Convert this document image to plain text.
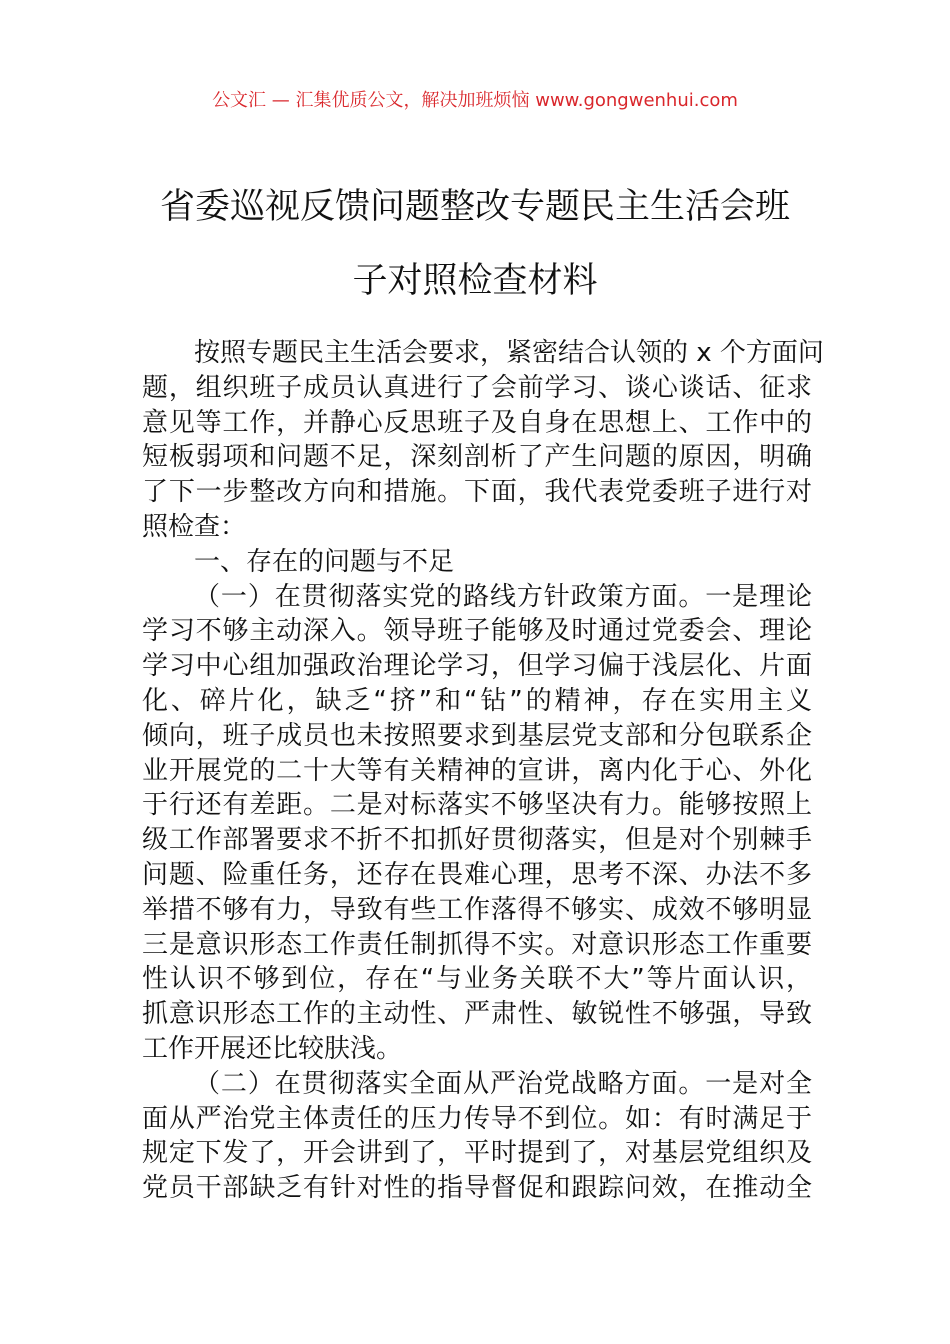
公文汇 — 汇集优质公文，解决加班烦恼 www.gongwenhui.com
省委巡视反馈问题整改专题民主生活会班
子对照检查材料
按照专题民主生活会要求，紧密结合认领的 x 个方面问
题，组织班子成员认真进行了会前学习、谈心谈话、征求
意见等工作，并静心反思班子及自身在思想上、工作中的
短板弱项和问题不足，深刻剖析了产生问题的原因，明确
了下一步整改方向和措施。下面，我代表党委班子进行对
照检查：
一、存在的问题与不足
（一）在贯彻落实党的路线方针政策方面。一是理论
学习不够主动深入。领导班子能够及时通过党委会、理论
学习中心组加强政治理论学习，但学习偏于浅层化、片面
化、碎片化，缺乏“挤”和“钻”的精神，存在实用主义
倾向，班子成员也未按照要求到基层党支部和分包联系企
业开展党的二十大等有关精神的宣讲，离内化于心、外化
于行还有差距。二是对标落实不够坚决有力。能够按照上
级工作部署要求不折不扣抓好贯彻落实，但是对个别棘手
问题、险重任务，还存在畏难心理，思考不深、办法不多
举措不够有力，导致有些工作落得不够实、成效不够明显
三是意识形态工作责任制抓得不实。对意识形态工作重要
性认识不够到位，存在“与业务关联不大”等片面认识，
抓意识形态工作的主动性、严肃性、敏锐性不够强，导致
工作开展还比较肤浅。
（二）在贯彻落实全面从严治党战略方面。一是对全
面从严治党主体责任的压力传导不到位。如：有时满足于
规定下发了，开会讲到了，平时提到了，对基层党组织及
党员干部缺乏有针对性的指导督促和跟踪问效，在推动全
